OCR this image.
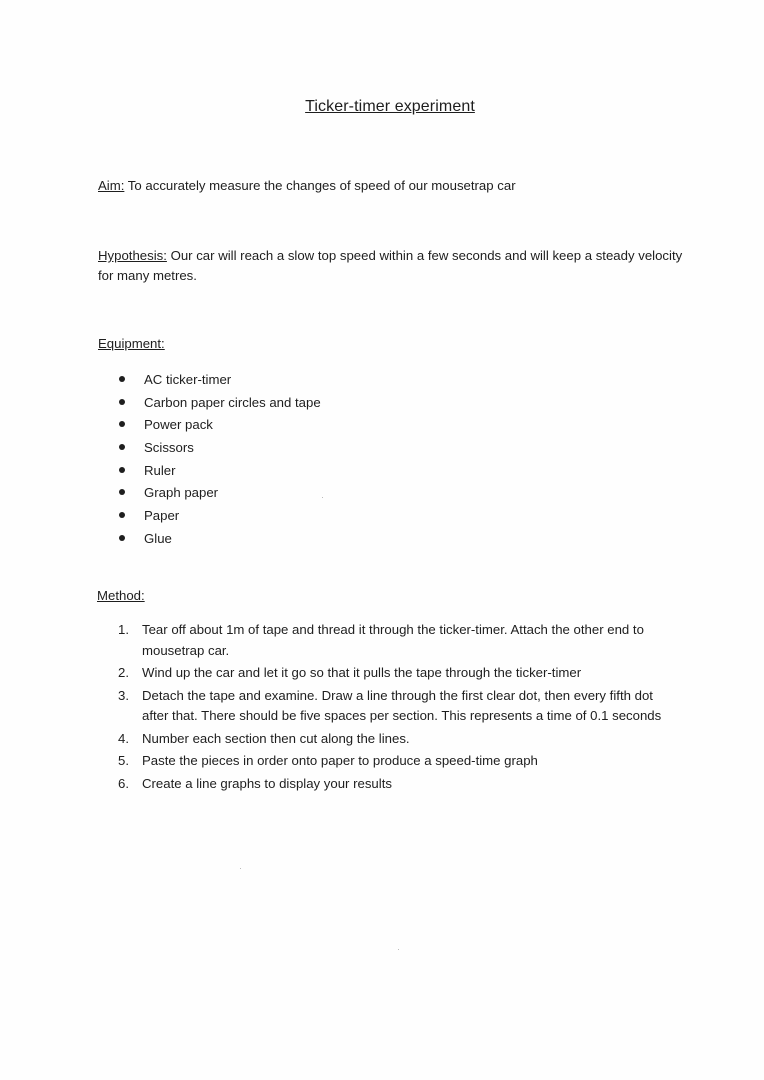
Ticker-timer experiment
Aim: To accurately measure the changes of speed of our mousetrap car
Hypothesis: Our car will reach a slow top speed within a few seconds and will keep a steady velocity for many metres.
Equipment:
AC ticker-timer
Carbon paper circles and tape
Power pack
Scissors
Ruler
Graph paper
Paper
Glue
Method:
1. Tear off about 1m of tape and thread it through the ticker-timer. Attach the other end to mousetrap car.
2. Wind up the car and let it go so that it pulls the tape through the ticker-timer
3. Detach the tape and examine. Draw a line through the first clear dot, then every fifth dot after that. There should be five spaces per section. This represents a time of 0.1 seconds
4. Number each section then cut along the lines.
5. Paste the pieces in order onto paper to produce a speed-time graph
6. Create a line graphs to display your results
